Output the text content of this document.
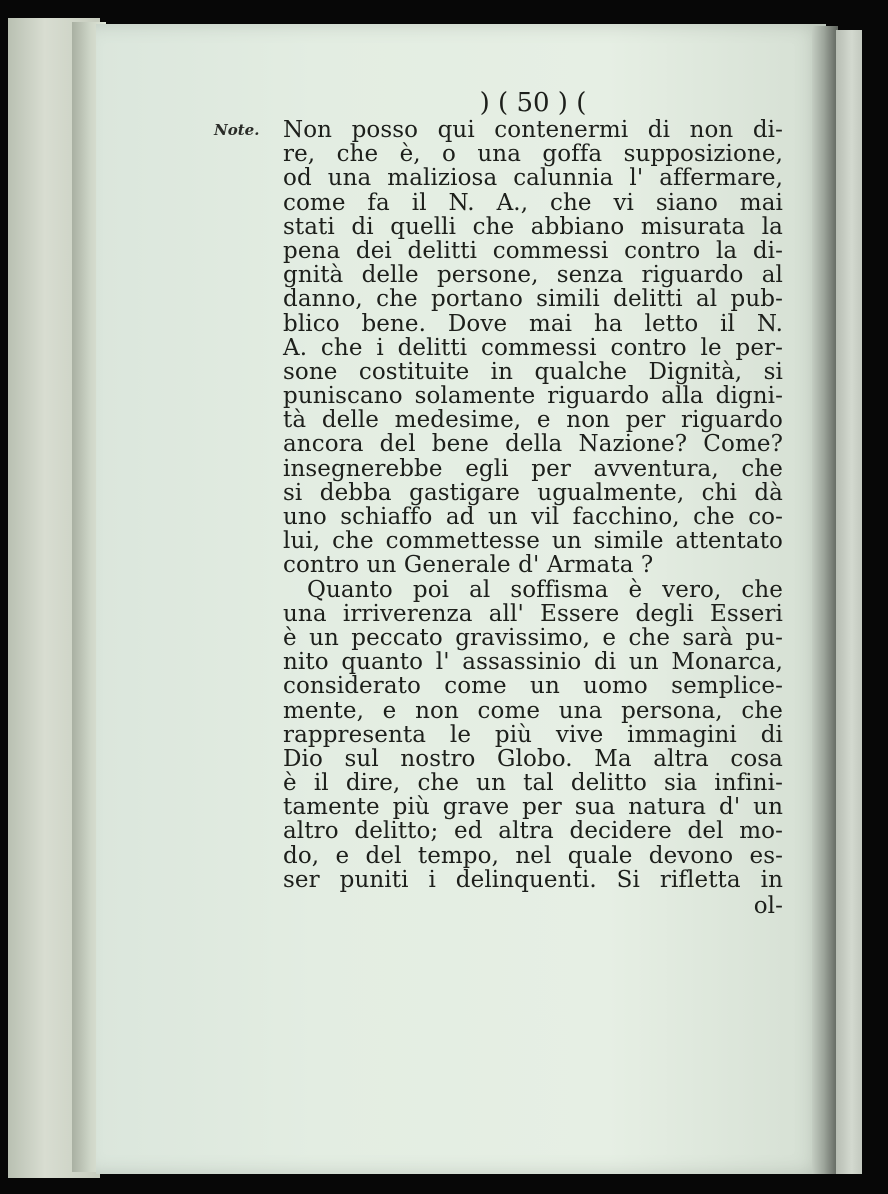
Note.
) ( 50 ) (
Non posso qui contenermi di non di-
re, che è, o una goffa supposizione,
od una maliziosa calunnia l' affermare,
come fa il N. A., che vi siano mai
stati di quelli che abbiano misurata la
pena dei delitti commessi contro la di-
gnità delle persone, senza riguardo al
danno, che portano simili delitti al pub-
blico bene. Dove mai ha letto il N.
A. che i delitti commessi contro le per-
sone costituite in qualche Dignità, si
puniscano solamente riguardo alla digni-
tà delle medesime, e non per riguardo
ancora del bene della Nazione? Come?
insegnerebbe egli per avventura, che
si debba gastigare ugualmente, chi dà
uno schiaffo ad un vil facchino, che co-
lui, che commettesse un simile attentato
contro un Generale d' Armata ?
Quanto poi al soffisma è vero, che
una irriverenza all' Essere degli Esseri
è un peccato gravissimo, e che sarà pu-
nito quanto l' assassinio di un Monarca,
considerato come un uomo semplice-
mente, e non come una persona, che
rappresenta le più vive immagini di
Dio sul nostro Globo. Ma altra cosa
è il dire, che un tal delitto sia infini-
tamente più grave per sua natura d' un
altro delitto; ed altra decidere del mo-
do, e del tempo, nel quale devono es-
ser puniti i delinquenti. Si rifletta in
ol-
